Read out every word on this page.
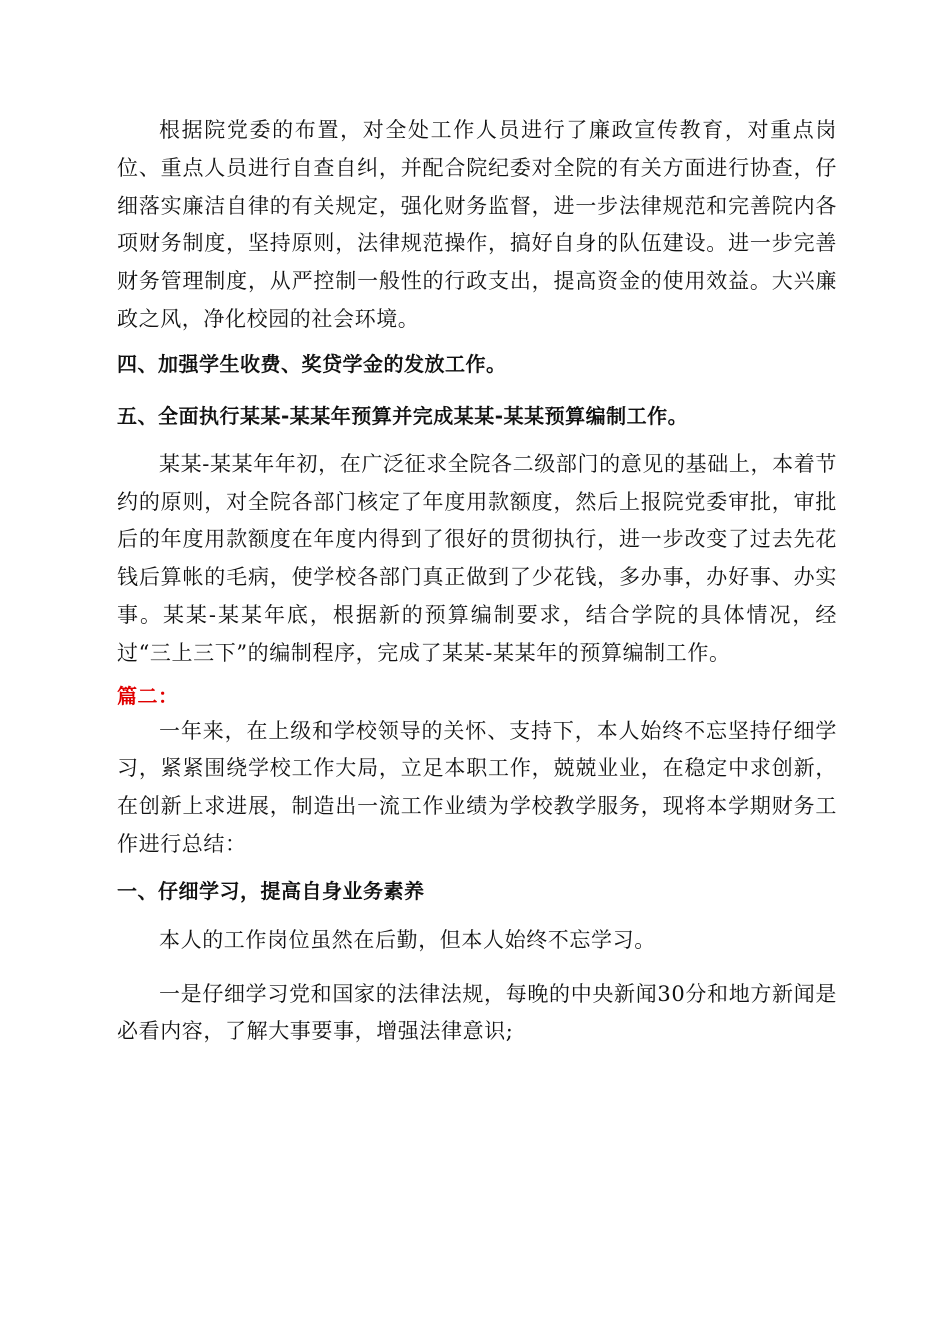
根据院党委的布置，对全处工作人员进行了廉政宣传教育，对重点岗位、重点人员进行自查自纠，并配合院纪委对全院的有关方面进行协查，仔细落实廉洁自律的有关规定，强化财务监督，进一步法律规范和完善院内各项财务制度，坚持原则，法律规范操作，搞好自身的队伍建设。进一步完善财务管理制度，从严控制一般性的行政支出，提高资金的使用效益。大兴廉政之风，净化校园的社会环境。

四、加强学生收费、奖贷学金的发放工作。

五、全面执行某某-某某年预算并完成某某-某某预算编制工作。

某某-某某年年初，在广泛征求全院各二级部门的意见的基础上，本着节约的原则，对全院各部门核定了年度用款额度，然后上报院党委审批，审批后的年度用款额度在年度内得到了很好的贯彻执行，进一步改变了过去先花钱后算帐的毛病，使学校各部门真正做到了少花钱，多办事，办好事、办实事。某某-某某年底，根据新的预算编制要求，结合学院的具体情况，经过“三上三下”的编制程序，完成了某某-某某年的预算编制工作。

篇二：

一年来，在上级和学校领导的关怀、支持下，本人始终不忘坚持仔细学习，紧紧围绕学校工作大局，立足本职工作，兢兢业业，在稳定中求创新，在创新上求进展，制造出一流工作业绩为学校教学服务，现将本学期财务工作进行总结：

一、仔细学习，提高自身业务素养

本人的工作岗位虽然在后勤，但本人始终不忘学习。

一是仔细学习党和国家的法律法规，每晚的中央新闻30分和地方新闻是必看内容，了解大事要事，增强法律意识;
